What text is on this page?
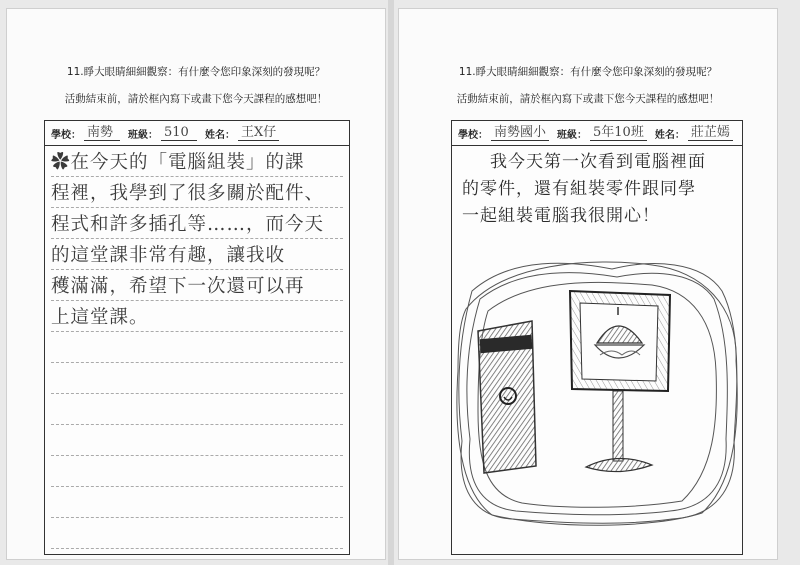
11.睜大眼睛細細觀察：有什麼令您印象深刻的發現呢？
活動結束前，請於框內寫下或畫下您今天課程的感想吧！
學校： 南勢	班級： 510	姓名： 王X仔
✿在今天的「電腦組裝」的課
程裡，我學到了很多關於配件、
程式和許多插孔等……，而今天
的這堂課非常有趣，讓我收
穫滿滿，希望下一次還可以再
上這堂課。
11.睜大眼睛細細觀察：有什麼令您印象深刻的發現呢？
活動結束前，請於框內寫下或畫下您今天課程的感想吧！
學校： 南勢國小	班級： 5年10班	姓名： 莊芷嫣
我今天第一次看到電腦裡面
的零件，還有組裝零件跟同學
一起組裝電腦我很開心！
